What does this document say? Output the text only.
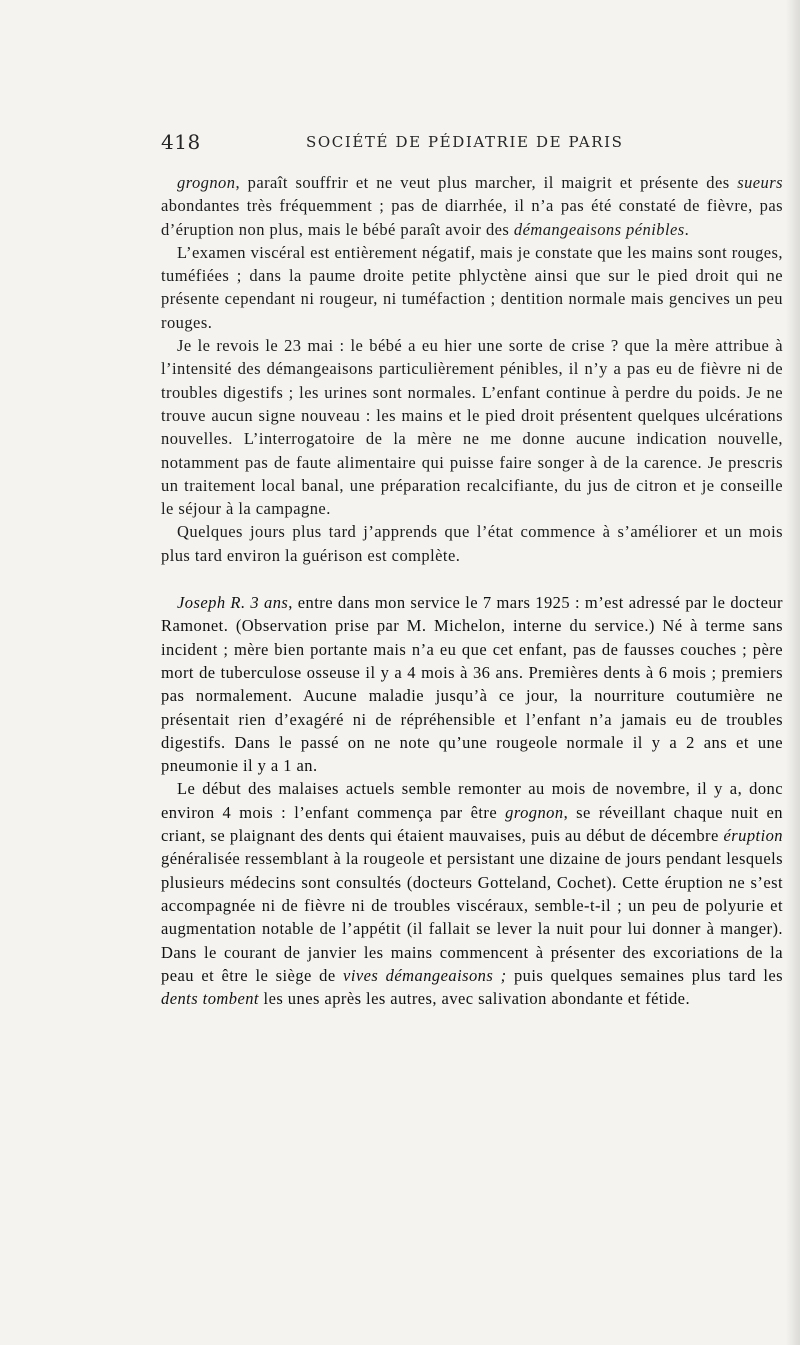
418	SOCIÉTÉ DE PÉDIATRIE DE PARIS

grognon, paraît souffrir et ne veut plus marcher, il maigrit et présente des sueurs abondantes très fréquemment ; pas de diarrhée, il n’a pas été constaté de fièvre, pas d’éruption non plus, mais le bébé paraît avoir des démangeaisons pénibles.

L’examen viscéral est entièrement négatif, mais je constate que les mains sont rouges, tuméfiées ; dans la paume droite petite phlyctène ainsi que sur le pied droit qui ne présente cependant ni rougeur, ni tuméfaction ; dentition normale mais gencives un peu rouges.

Je le revois le 23 mai : le bébé a eu hier une sorte de crise ? que la mère attribue à l’intensité des démangeaisons particulièrement pénibles, il n’y a pas eu de fièvre ni de troubles digestifs ; les urines sont normales. L’enfant continue à perdre du poids. Je ne trouve aucun signe nouveau : les mains et le pied droit présentent quelques ulcérations nouvelles. L’interrogatoire de la mère ne me donne aucune indication nouvelle, notamment pas de faute alimentaire qui puisse faire songer à de la carence. Je prescris un traitement local banal, une préparation recalcifiante, du jus de citron et je conseille le séjour à la campagne.

Quelques jours plus tard j’apprends que l’état commence à s’améliorer et un mois plus tard environ la guérison est complète.

Joseph R. 3 ans, entre dans mon service le 7 mars 1925 : m’est adressé par le docteur Ramonet. (Observation prise par M. Michelon, interne du service.) Né à terme sans incident ; mère bien portante mais n’a eu que cet enfant, pas de fausses couches ; père mort de tuberculose osseuse il y a 4 mois à 36 ans. Premières dents à 6 mois ; premiers pas normalement. Aucune maladie jusqu’à ce jour, la nourriture coutumière ne présentait rien d’exagéré ni de répréhensible et l’enfant n’a jamais eu de troubles digestifs. Dans le passé on ne note qu’une rougeole normale il y a 2 ans et une pneumonie il y a 1 an.

Le début des malaises actuels semble remonter au mois de novembre, il y a, donc environ 4 mois : l’enfant commença par être grognon, se réveillant chaque nuit en criant, se plaignant des dents qui étaient mauvaises, puis au début de décembre éruption généralisée ressemblant à la rougeole et persistant une dizaine de jours pendant lesquels plusieurs médecins sont consultés (docteurs Gotteland, Cochet). Cette éruption ne s’est accompagnée ni de fièvre ni de troubles viscéraux, semble-t-il ; un peu de polyurie et augmentation notable de l’appétit (il fallait se lever la nuit pour lui donner à manger). Dans le courant de janvier les mains commencent à présenter des excoriations de la peau et être le siège de vives démangeaisons ; puis quelques semaines plus tard les dents tombent les unes après les autres, avec salivation abondante et fétide.
